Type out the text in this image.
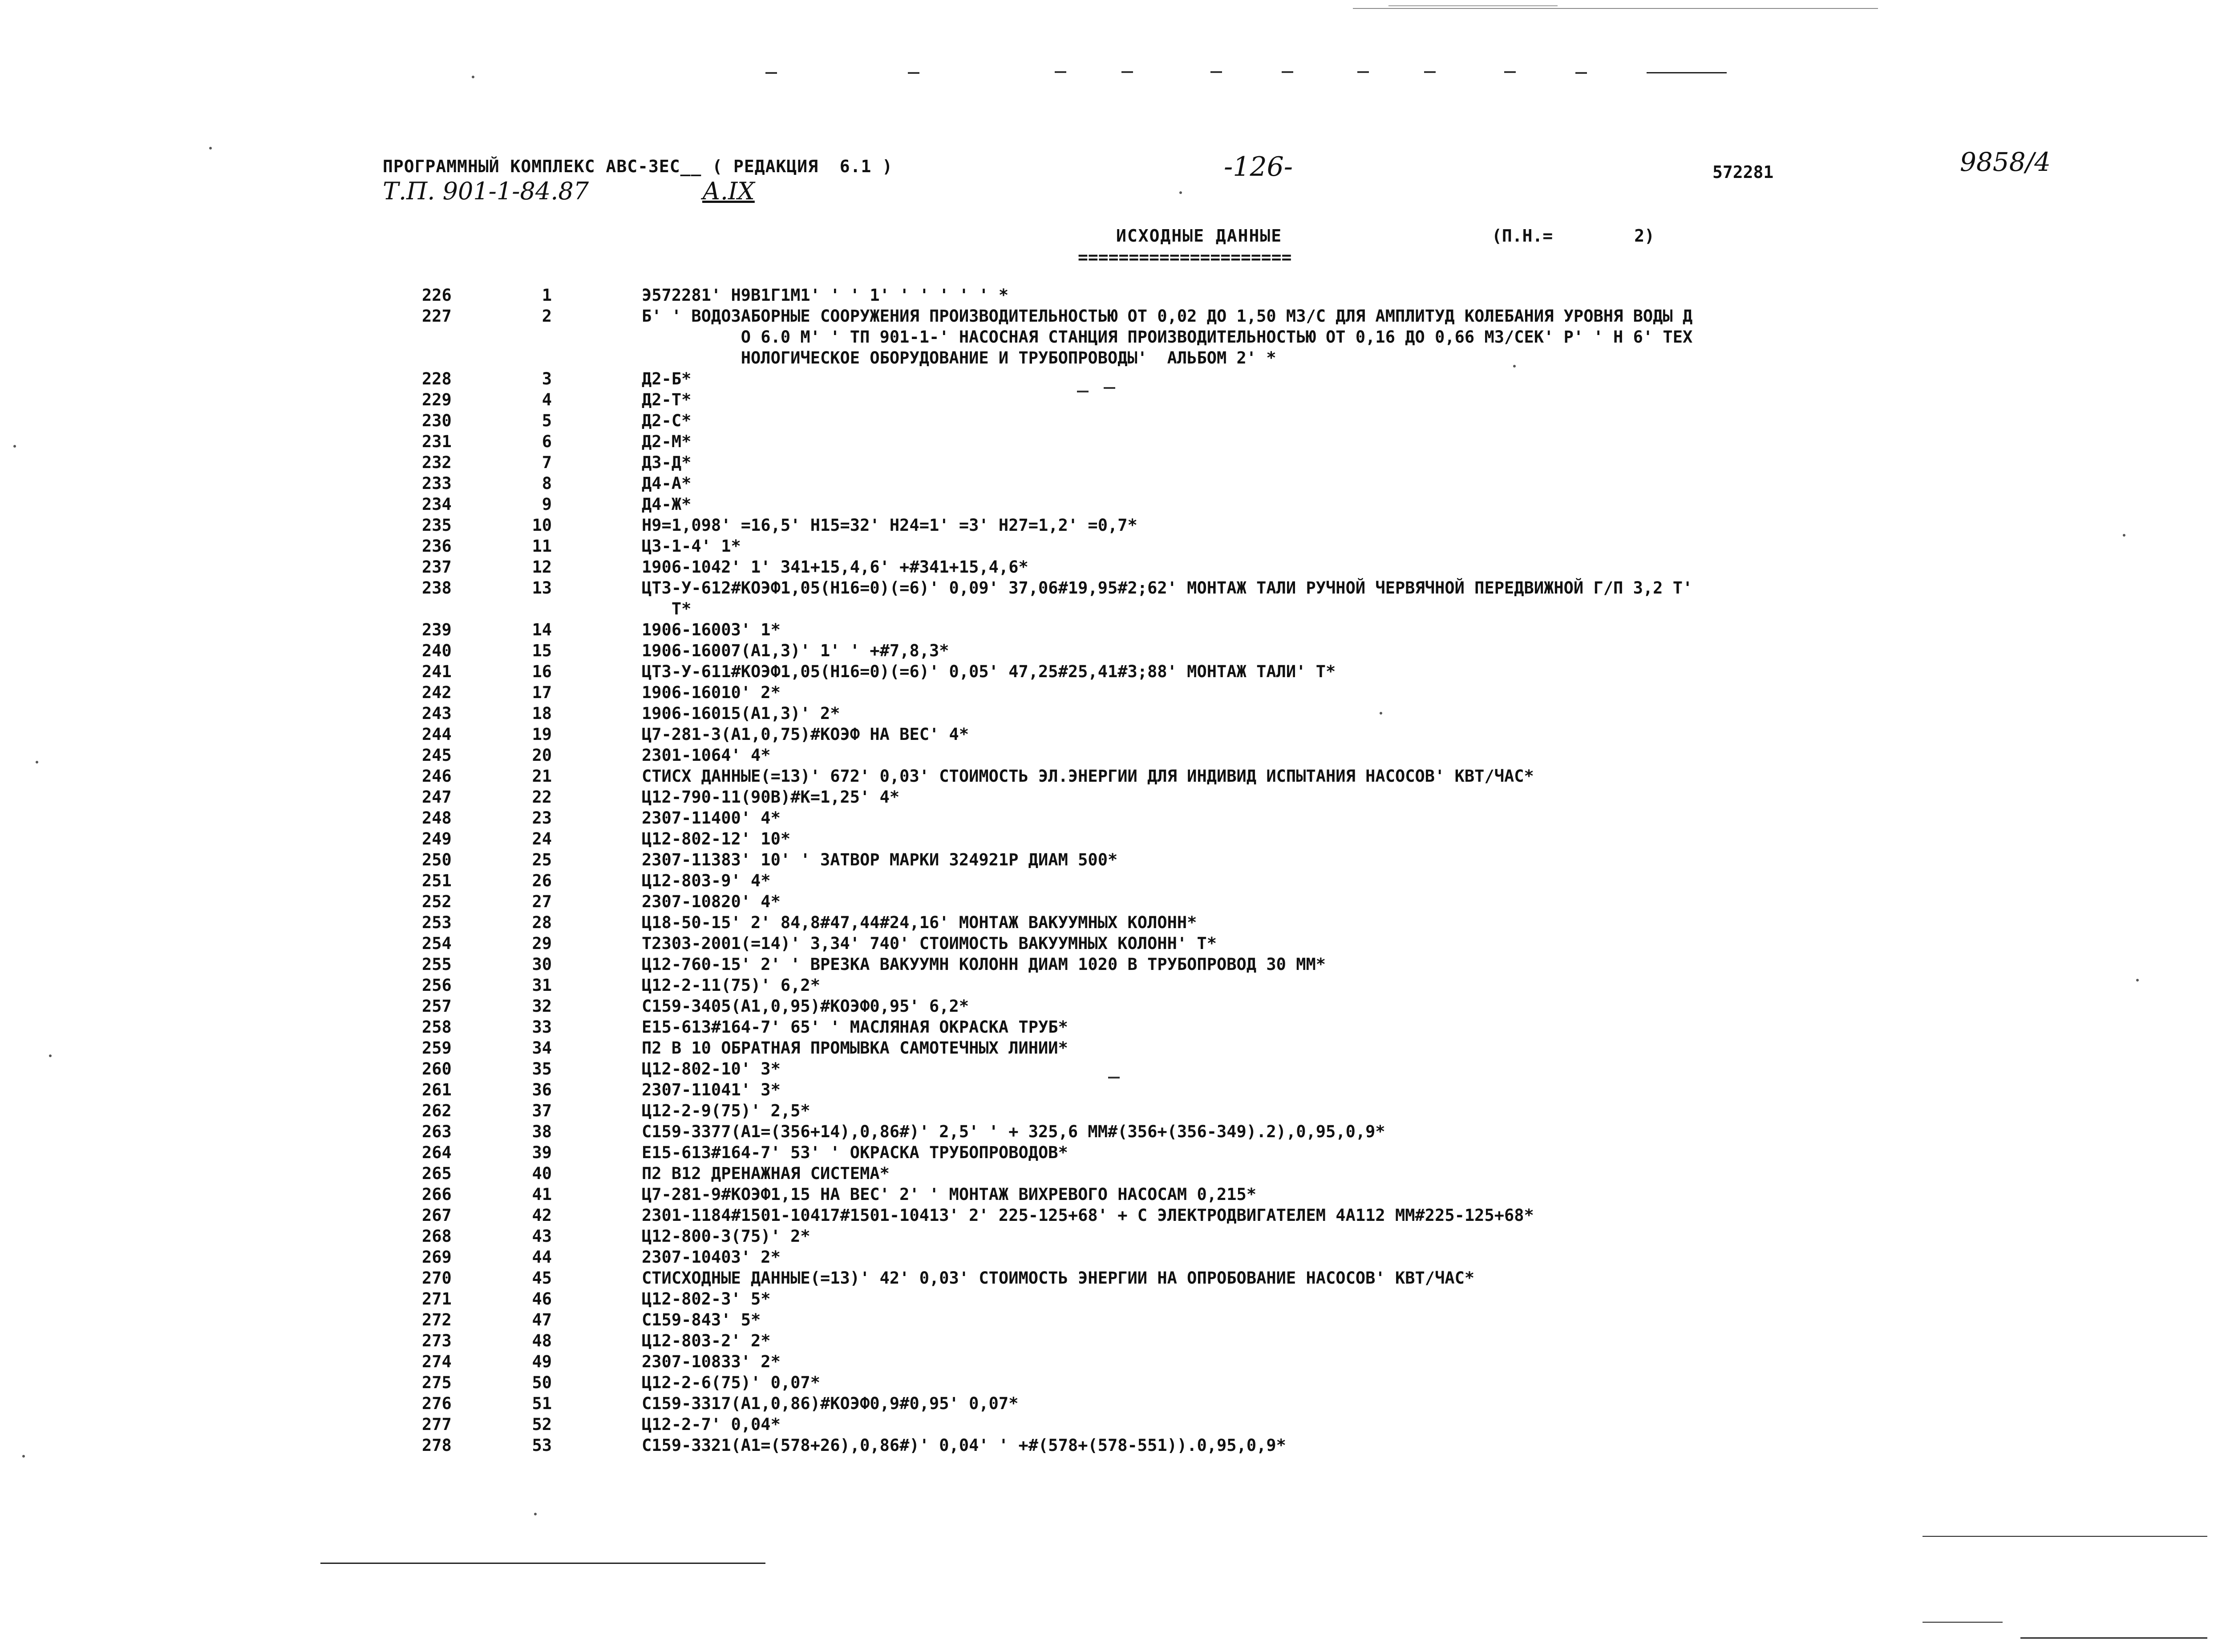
ПРОГРАММНЫЙ КОМПЛЕКС АВС-3ЕС__ ( РЕДАКЦИЯ  6.1 )
Т.П. 901-1-84.87	А.IX
-126-	572281	9858/4
ИСХОДНЫЕ ДАННЫЕ
=====================
(П.Н.=        2)
226	1	Э572281' Н9В1Г1М1' ' ' 1' ' ' ' ' ' *
227	2	Б' ' ВОДОЗАБОРНЫЕ СООРУЖЕНИЯ ПРОИЗВОДИТЕЛЬНОСТЬЮ ОТ 0,02 ДО 1,50 М3/С ДЛЯ АМПЛИТУД КОЛЕБАНИЯ УРОВНЯ ВОДЫ Д
О 6.0 М' ' ТП 901-1-' НАСОСНАЯ СТАНЦИЯ ПРОИЗВОДИТЕЛЬНОСТЬЮ ОТ 0,16 ДО 0,66 М3/СЕК' Р' ' Н 6' ТЕХ
НОЛОГИЧЕСКОЕ ОБОРУДОВАНИЕ И ТРУБОПРОВОДЫ'  АЛЬБОМ 2' *
228	3	Д2-Б*
229	4	Д2-Т*
230	5	Д2-С*
231	6	Д2-М*
232	7	Д3-Д*
233	8	Д4-А*
234	9	Д4-Ж*
235	10	Н9=1,098' =16,5' Н15=32' Н24=1' =3' Н27=1,2' =0,7*
236	11	Ц3-1-4' 1*
237	12	1906-1042' 1' 341+15,4,6' +#341+15,4,6*
238	13	ЦТ3-У-612#КОЭФ1,05(Н16=0)(=6)' 0,09' 37,06#19,95#2;62' МОНТАЖ ТАЛИ РУЧНОЙ ЧЕРВЯЧНОЙ ПЕРЕДВИЖНОЙ Г/П 3,2 Т'
Т*
239	14	1906-16003' 1*
240	15	1906-16007(А1,3)' 1' ' +#7,8,3*
241	16	ЦТ3-У-611#КОЭФ1,05(Н16=0)(=6)' 0,05' 47,25#25,41#3;88' МОНТАЖ ТАЛИ' Т*
242	17	1906-16010' 2*
243	18	1906-16015(А1,3)' 2*
244	19	Ц7-281-3(А1,0,75)#КОЭФ НА ВЕС' 4*
245	20	2301-1064' 4*
246	21	СТИСХ ДАННЫЕ(=13)' 672' 0,03' СТОИМОСТЬ ЭЛ.ЭНЕРГИИ ДЛЯ ИНДИВИД ИСПЫТАНИЯ НАСОСОВ' КВТ/ЧАС*
247	22	Ц12-790-11(90В)#К=1,25' 4*
248	23	2307-11400' 4*
249	24	Ц12-802-12' 10*
250	25	2307-11383' 10' ' ЗАТВОР МАРКИ 324921Р ДИАМ 500*
251	26	Ц12-803-9' 4*
252	27	2307-10820' 4*
253	28	Ц18-50-15' 2' 84,8#47,44#24,16' МОНТАЖ ВАКУУМНЫХ КОЛОНН*
254	29	Т2303-2001(=14)' 3,34' 740' СТОИМОСТЬ ВАКУУМНЫХ КОЛОНН' Т*
255	30	Ц12-760-15' 2' ' ВРЕЗКА ВАКУУМН КОЛОНН ДИАМ 1020 В ТРУБОПРОВОД 30 ММ*
256	31	Ц12-2-11(75)' 6,2*
257	32	С159-3405(А1,0,95)#КОЭФ0,95' 6,2*
258	33	Е15-613#164-7' 65' ' МАСЛЯНАЯ ОКРАСКА ТРУБ*
259	34	П2 В 10 ОБРАТНАЯ ПРОМЫВКА САМОТЕЧНЫХ ЛИНИИ*
260	35	Ц12-802-10' 3*
261	36	2307-11041' 3*
262	37	Ц12-2-9(75)' 2,5*
263	38	С159-3377(А1=(356+14),0,86#)' 2,5' ' + 325,6 ММ#(356+(356-349).2),0,95,0,9*
264	39	Е15-613#164-7' 53' ' ОКРАСКА ТРУБОПРОВОДОВ*
265	40	П2 В12 ДРЕНАЖНАЯ СИСТЕМА*
266	41	Ц7-281-9#КОЭФ1,15 НА ВЕС' 2' ' МОНТАЖ ВИХРЕВОГО НАСОСАМ 0,215*
267	42	2301-1184#1501-10417#1501-10413' 2' 225-125+68' + С ЭЛЕКТРОДВИГАТЕЛЕМ 4А112 ММ#225-125+68*
268	43	Ц12-800-3(75)' 2*
269	44	2307-10403' 2*
270	45	СТИСХОДНЫЕ ДАННЫЕ(=13)' 42' 0,03' СТОИМОСТЬ ЭНЕРГИИ НА ОПРОБОВАНИЕ НАСОСОВ' КВТ/ЧАС*
271	46	Ц12-802-3' 5*
272	47	С159-843' 5*
273	48	Ц12-803-2' 2*
274	49	2307-10833' 2*
275	50	Ц12-2-6(75)' 0,07*
276	51	С159-3317(А1,0,86)#КОЭФ0,9#0,95' 0,07*
277	52	Ц12-2-7' 0,04*
278	53	С159-3321(А1=(578+26),0,86#)' 0,04' ' +#(578+(578-551)).0,95,0,9*
